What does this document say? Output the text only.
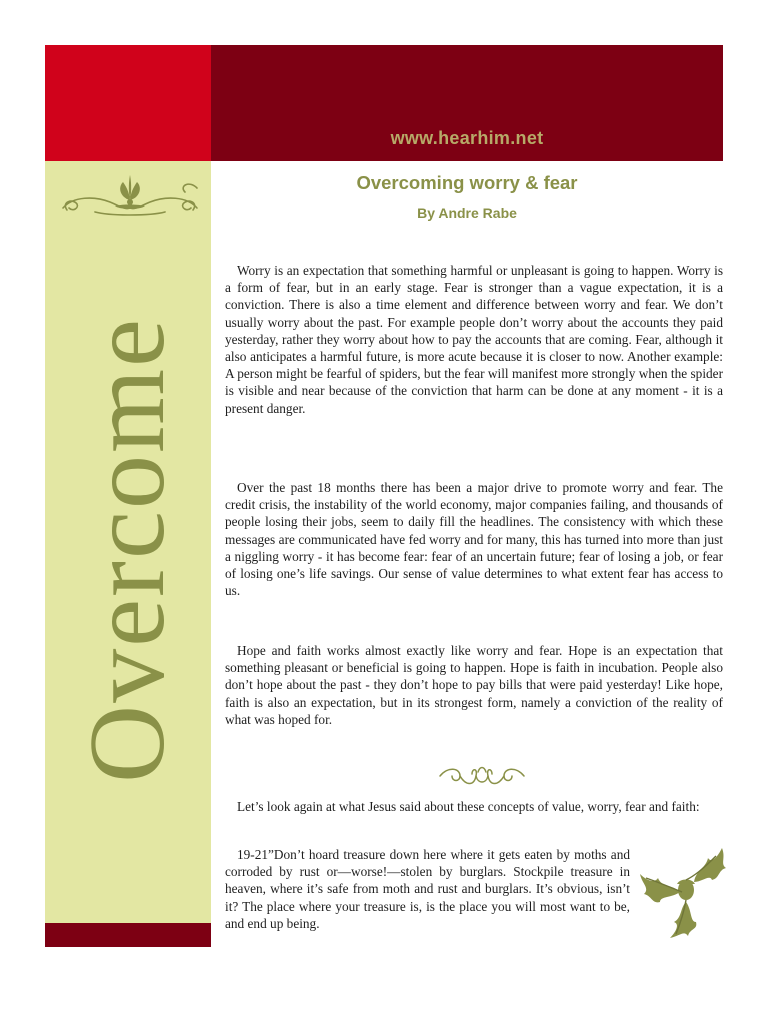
www.hearhim.net
Overcome
Overcoming worry & fear
By Andre Rabe

Worry is an expectation that something harmful or unpleasant is going to happen. Worry is a form of fear, but in an early stage. Fear is stronger than a vague expectation, it is a conviction. There is also a time element and difference between worry and fear. We don’t usually worry about the past. For example people don’t worry about the accounts they paid yesterday, rather they worry about how to pay the accounts that are coming. Fear, although it also anticipates a harmful future, is more acute because it is closer to now. Another example: A person might be fearful of spiders, but the fear will manifest more strongly when the spider is visible and near because of the conviction that harm can be done at any moment - it is a present danger.

Over the past 18 months there has been a major drive to promote worry and fear. The credit crisis, the instability of the world economy, major companies failing, and thousands of people losing their jobs, seem to daily fill the headlines. The consistency with which these messages are communicated have fed worry and for many, this has turned into more than just a niggling worry - it has become fear: fear of an uncertain future; fear of losing a job, or fear of losing one’s life savings. Our sense of value determines to what extent fear has access to us.

Hope and faith works almost exactly like worry and fear. Hope is an expectation that something pleasant or beneficial is going to happen. Hope is faith in incubation. People also don’t hope about the past - they don’t hope to pay bills that were paid yesterday! Like hope, faith is also an expectation, but in its strongest form, namely a conviction of the reality of what was hoped for.

Let’s look again at what Jesus said about these concepts of value, worry, fear and faith:

19-21”Don’t hoard treasure down here where it gets eaten by moths and corroded by rust or—worse!—stolen by burglars. Stockpile treasure in heaven, where it’s safe from moth and rust and burglars. It’s obvious, isn’t it? The place where your treasure is, is the place you will most want to be, and end up being.
